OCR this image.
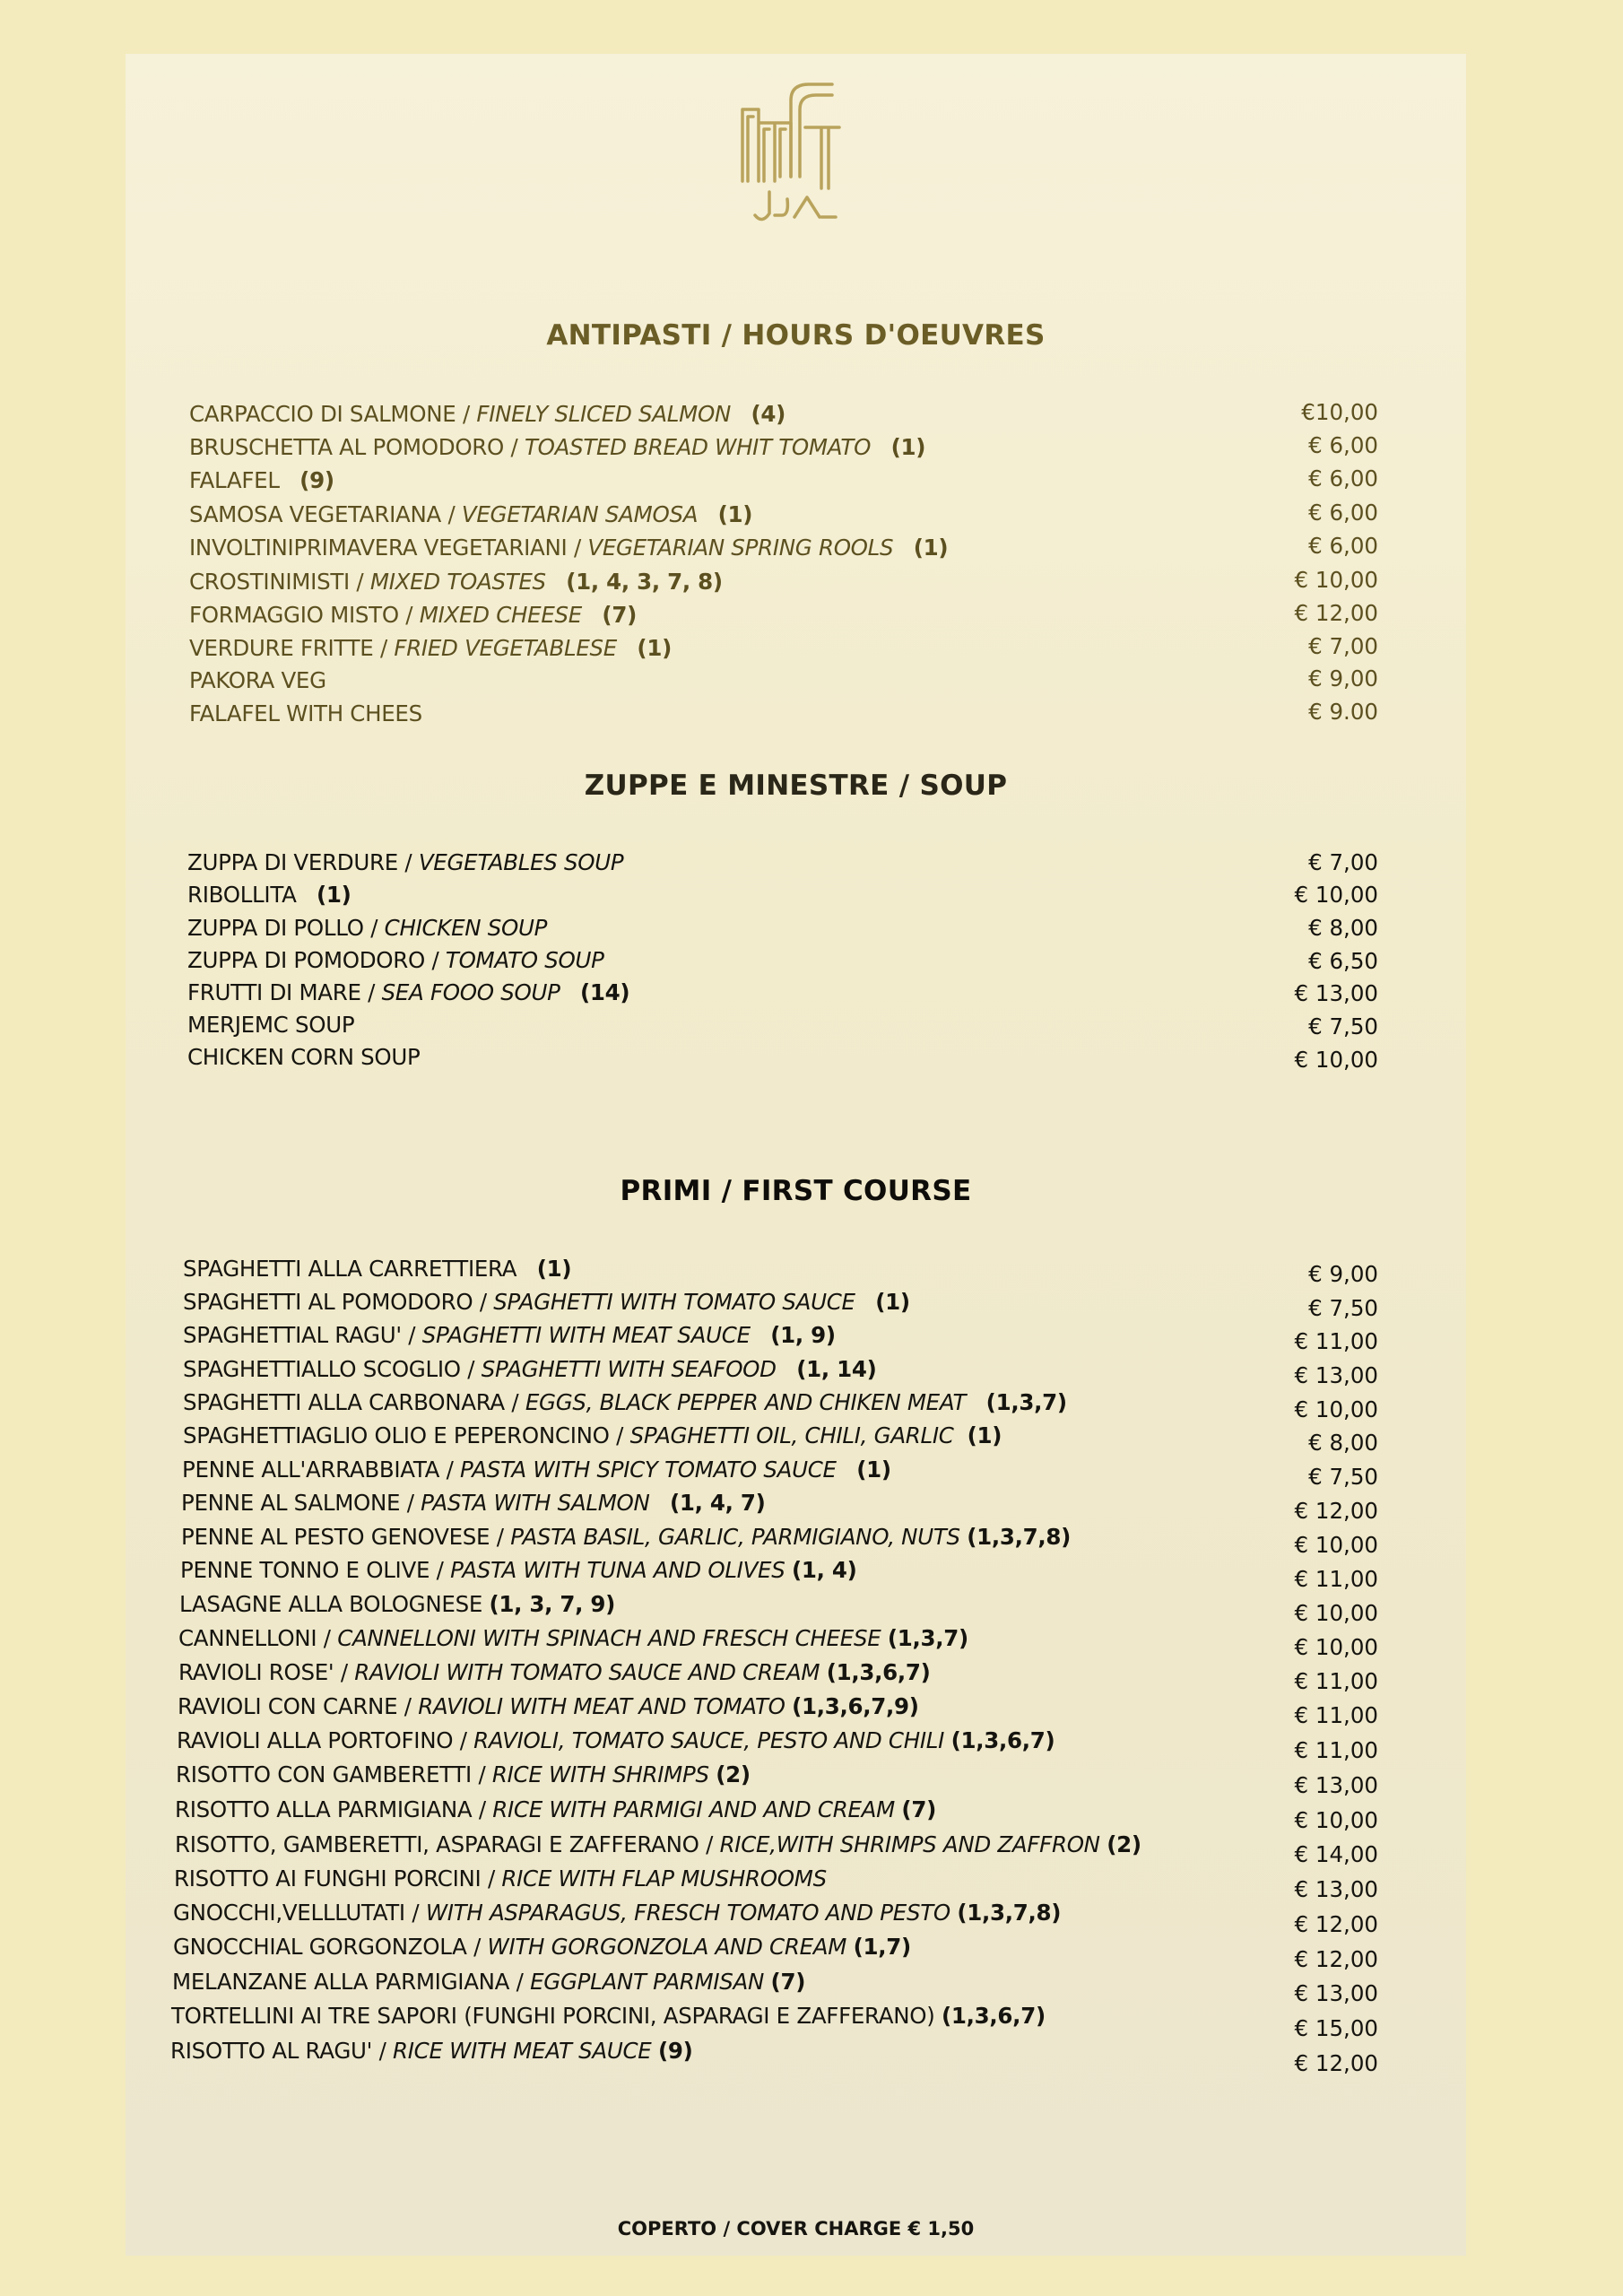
ANTIPASTI / HOURS D'OEUVRES
CARPACCIO DI SALMONE / FINELY SLICED SALMON (4)	€10,00
BRUSCHETTA AL POMODORO / TOASTED BREAD WHIT TOMATO (1)	€ 6,00
FALAFEL (9)	€ 6,00
SAMOSA VEGETARIANA / VEGETARIAN SAMOSA (1)	€ 6,00
INVOLTINIPRIMAVERA VEGETARIANI / VEGETARIAN SPRING ROOLS (1)	€ 6,00
CROSTINIMISTI / MIXED TOASTES (1, 4, 3, 7, 8)	€ 10,00
FORMAGGIO MISTO / MIXED CHEESE (7)	€ 12,00
VERDURE FRITTE / FRIED VEGETABLESE (1)	€ 7,00
PAKORA VEG	€ 9,00
FALAFEL WITH CHEES	€ 9.00
ZUPPE E MINESTRE / SOUP
ZUPPA DI VERDURE / VEGETABLES SOUP	€ 7,00
RIBOLLITA (1)	€ 10,00
ZUPPA DI POLLO / CHICKEN SOUP	€ 8,00
ZUPPA DI POMODORO / TOMATO SOUP	€ 6,50
FRUTTI DI MARE / SEA FOOO SOUP (14)	€ 13,00
MERJEMC SOUP	€ 7,50
CHICKEN CORN SOUP	€ 10,00
PRIMI / FIRST COURSE
SPAGHETTI ALLA CARRETTIERA (1)	€ 9,00
SPAGHETTI AL POMODORO / SPAGHETTI WITH TOMATO SAUCE (1)	€ 7,50
SPAGHETTIAL RAGU' / SPAGHETTI WITH MEAT SAUCE (1, 9)	€ 11,00
SPAGHETTIALLO SCOGLIO / SPAGHETTI WITH SEAFOOD (1, 14)	€ 13,00
SPAGHETTI ALLA CARBONARA / EGGS, BLACK PEPPER AND CHIKEN MEAT (1,3,7)	€ 10,00
SPAGHETTIAGLIO OLIO E PEPERONCINO / SPAGHETTI OIL, CHILI, GARLIC (1)	€ 8,00
PENNE ALL'ARRABBIATA / PASTA WITH SPICY TOMATO SAUCE (1)	€ 7,50
PENNE AL SALMONE / PASTA WITH SALMON (1, 4, 7)	€ 12,00
PENNE AL PESTO GENOVESE / PASTA BASIL, GARLIC, PARMIGIANO, NUTS (1,3,7,8)	€ 10,00
PENNE TONNO E OLIVE / PASTA WITH TUNA AND OLIVES (1, 4)	€ 11,00
LASAGNE ALLA BOLOGNESE (1, 3, 7, 9)	€ 10,00
CANNELLONI / CANNELLONI WITH SPINACH AND FRESCH CHEESE (1,3,7)	€ 10,00
RAVIOLI ROSE' / RAVIOLI WITH TOMATO SAUCE AND CREAM (1,3,6,7)	€ 11,00
RAVIOLI CON CARNE / RAVIOLI WITH MEAT AND TOMATO (1,3,6,7,9)	€ 11,00
RAVIOLI ALLA PORTOFINO / RAVIOLI, TOMATO SAUCE, PESTO AND CHILI (1,3,6,7)	€ 11,00
RISOTTO CON GAMBERETTI / RICE WITH SHRIMPS (2)	€ 13,00
RISOTTO ALLA PARMIGIANA / RICE WITH PARMIGI AND AND CREAM (7)	€ 10,00
RISOTTO, GAMBERETTI, ASPARAGI E ZAFFERANO / RICE,WITH SHRIMPS AND ZAFFRON (2)	€ 14,00
RISOTTO AI FUNGHI PORCINI / RICE WITH FLAP MUSHROOMS	€ 13,00
GNOCCHI,VELLLUTATI / WITH ASPARAGUS, FRESCH TOMATO AND PESTO (1,3,7,8)	€ 12,00
GNOCCHIAL GORGONZOLA / WITH GORGONZOLA AND CREAM (1,7)	€ 12,00
MELANZANE ALLA PARMIGIANA / EGGPLANT PARMISAN (7)	€ 13,00
TORTELLINI AI TRE SAPORI (FUNGHI PORCINI, ASPARAGI E ZAFFERANO) (1,3,6,7)	€ 15,00
RISOTTO AL RAGU' / RICE WITH MEAT SAUCE (9)	€ 12,00
COPERTO / COVER CHARGE € 1,50
